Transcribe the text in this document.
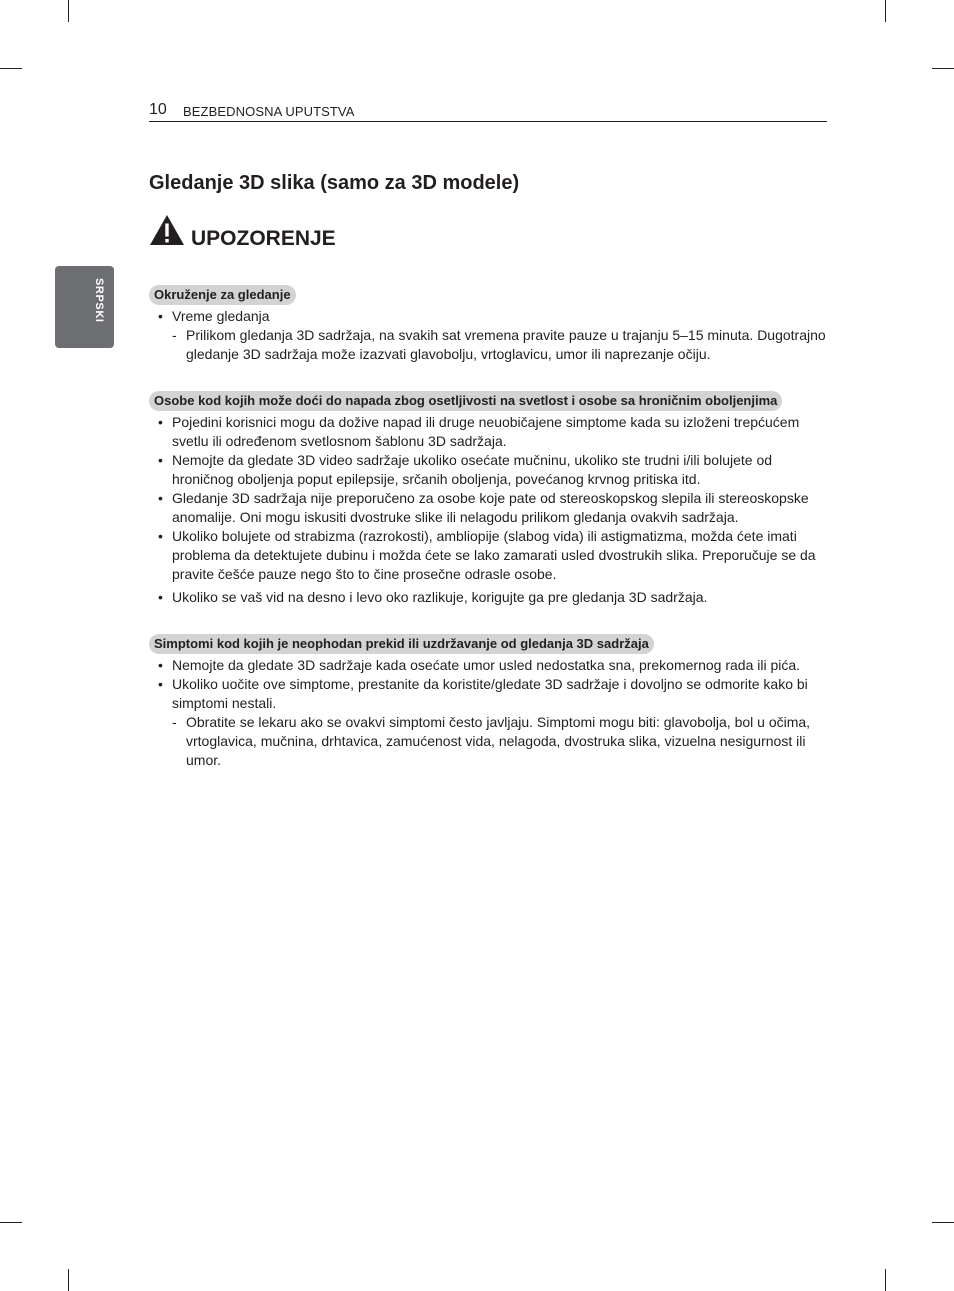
10 BEZBEDNOSNA UPUTSTVA
SRPSKI
Gledanje 3D slika (samo za 3D modele)
UPOZORENJE
Okruženje za gledanje
• Vreme gledanja
- Prilikom gledanja 3D sadržaja, na svakih sat vremena pravite pauze u trajanju 5–15 minuta. Dugotrajno gledanje 3D sadržaja može izazvati glavobolju, vrtoglavicu, umor ili naprezanje očiju.
Osobe kod kojih može doći do napada zbog osetljivosti na svetlost i osobe sa hroničnim oboljenjima
• Pojedini korisnici mogu da dožive napad ili druge neuobičajene simptome kada su izloženi trepćućem svetlu ili određenom svetlosnom šablonu 3D sadržaja.
• Nemojte da gledate 3D video sadržaje ukoliko osećate mučninu, ukoliko ste trudni i/ili bolujete od hroničnog oboljenja poput epilepsije, srčanih oboljenja, povećanog krvnog pritiska itd.
• Gledanje 3D sadržaja nije preporučeno za osobe koje pate od stereoskopskog slepila ili stereoskopske anomalije. Oni mogu iskusiti dvostruke slike ili nelagodu prilikom gledanja ovakvih sadržaja.
• Ukoliko bolujete od strabizma (razrokosti), ambliopije (slabog vida) ili astigmatizma, možda ćete imati problema da detektujete dubinu i možda ćete se lako zamarati usled dvostrukih slika. Preporučuje se da pravite češće pauze nego što to čine prosečne odrasle osobe.
• Ukoliko se vaš vid na desno i levo oko razlikuje, korigujte ga pre gledanja 3D sadržaja.
Simptomi kod kojih je neophodan prekid ili uzdržavanje od gledanja 3D sadržaja
• Nemojte da gledate 3D sadržaje kada osećate umor usled nedostatka sna, prekomernog rada ili pića.
• Ukoliko uočite ove simptome, prestanite da koristite/gledate 3D sadržaje i dovoljno se odmorite kako bi simptomi nestali.
- Obratite se lekaru ako se ovakvi simptomi često javljaju. Simptomi mogu biti: glavobolja, bol u očima, vrtoglavica, mučnina, drhtavica, zamućenost vida, nelagoda, dvostruka slika, vizuelna nesigurnost ili umor.
